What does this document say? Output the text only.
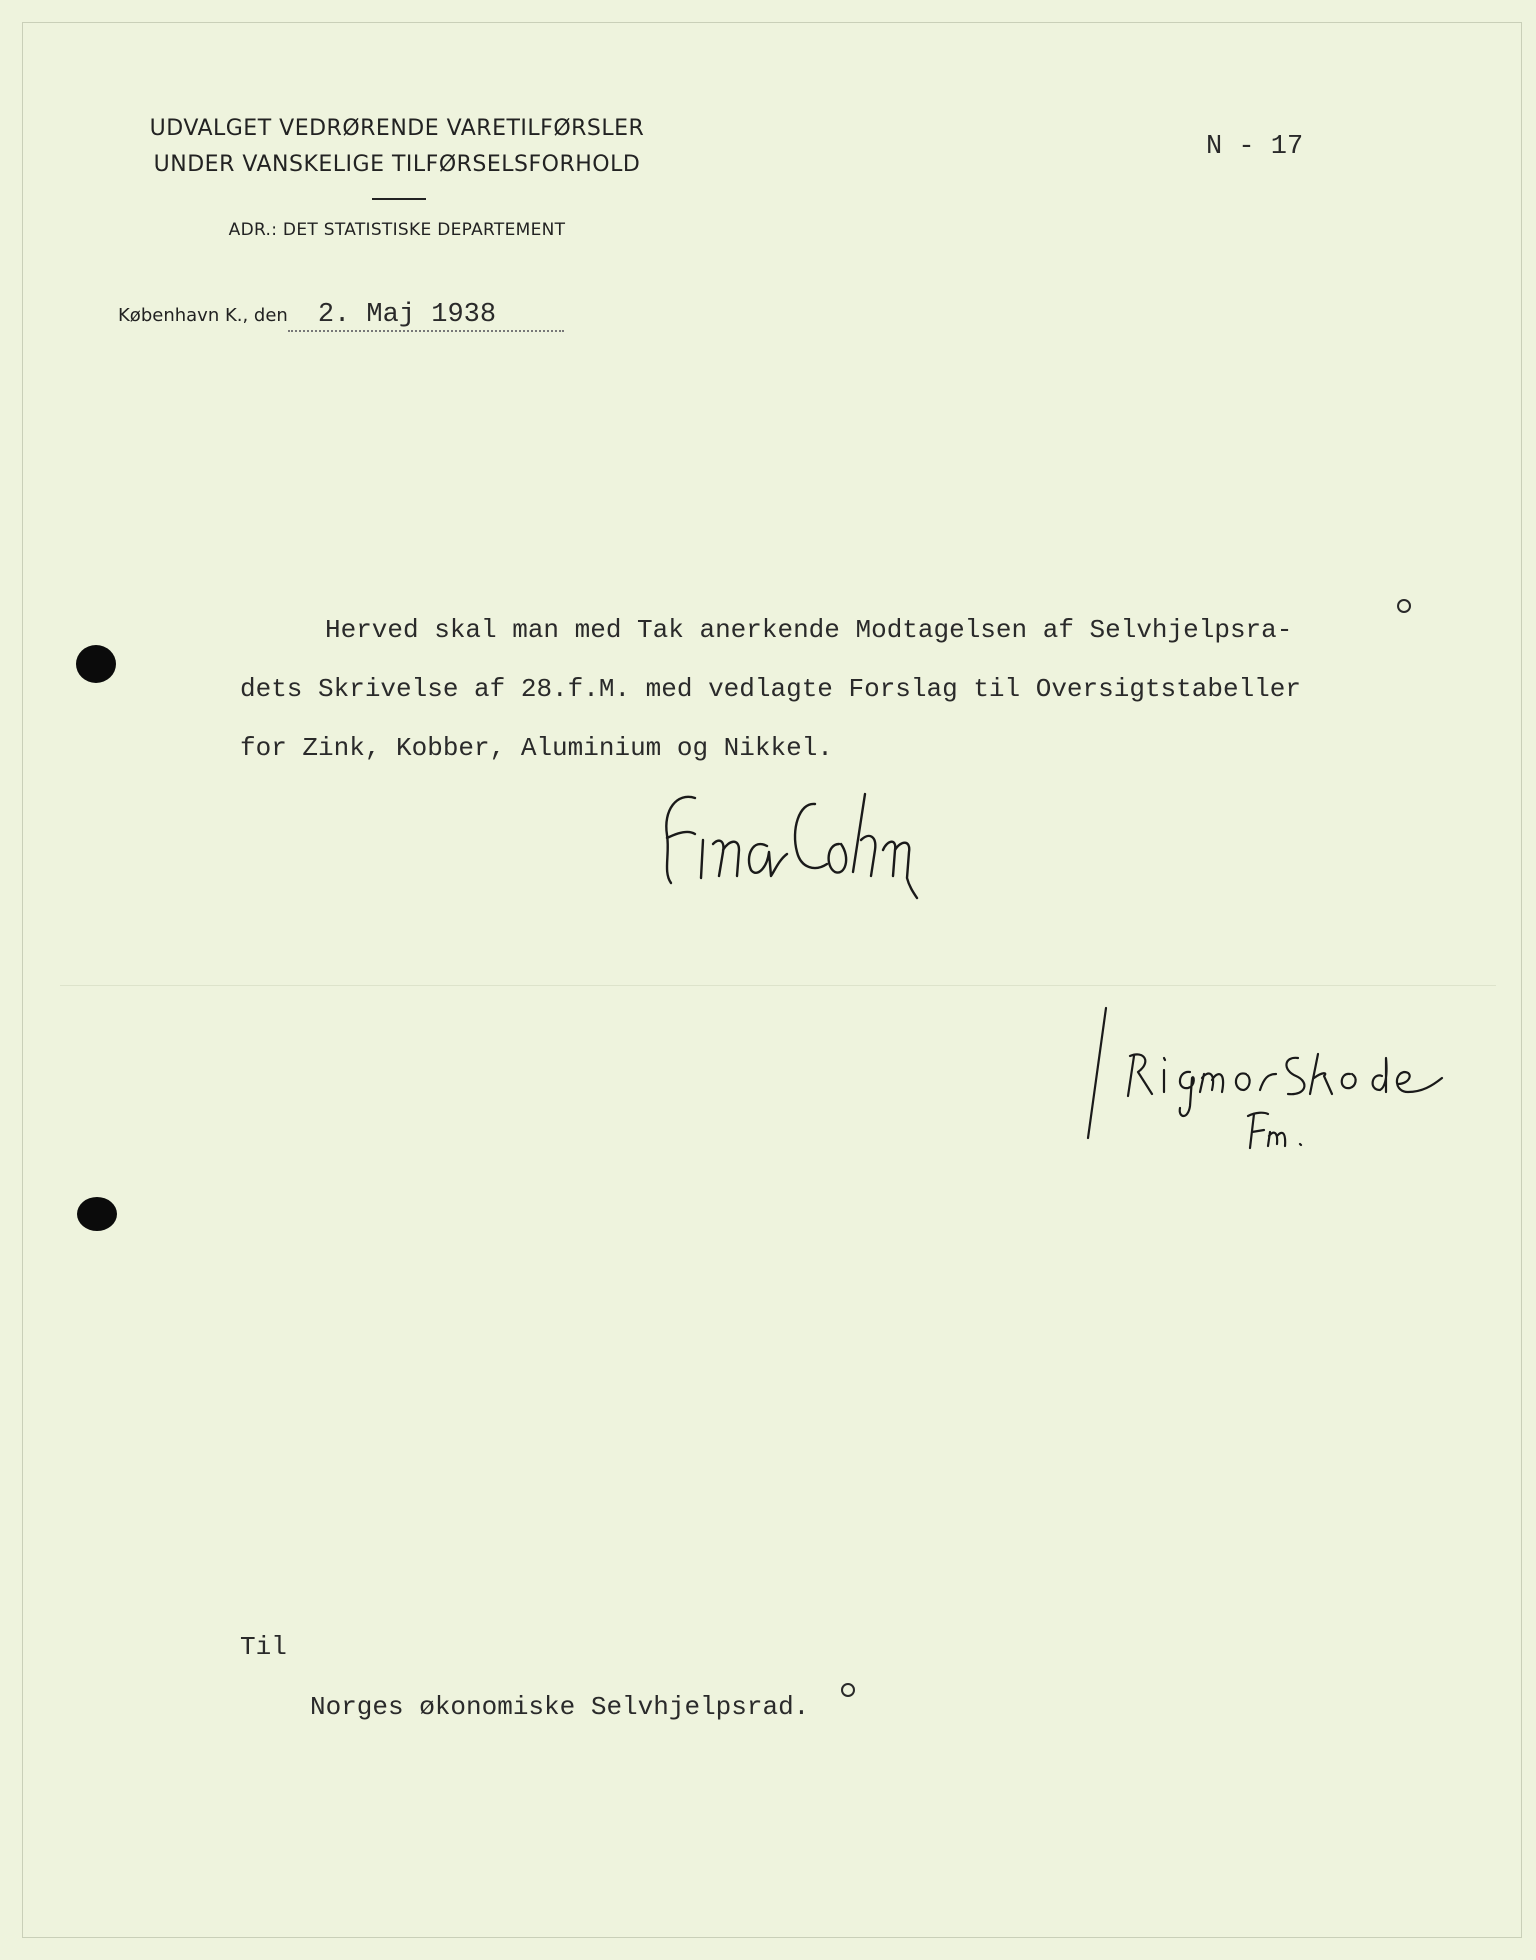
UDVALGET VEDRØRENDE VARETILFØRSLER
UNDER VANSKELIGE TILFØRSELSFORHOLD
ADR.: DET STATISTISKE DEPARTEMENT
N - 17
København K., den 2. Maj 1938
Herved skal man med Tak anerkende Modtagelsen af Selvhjelpsra-
dets Skrivelse af 28.f.M. med vedlagte Forslag til Oversigtstabeller
for Zink, Kobber, Aluminium og Nikkel.
Til
Norges økonomiske Selvhjelpsrad.
